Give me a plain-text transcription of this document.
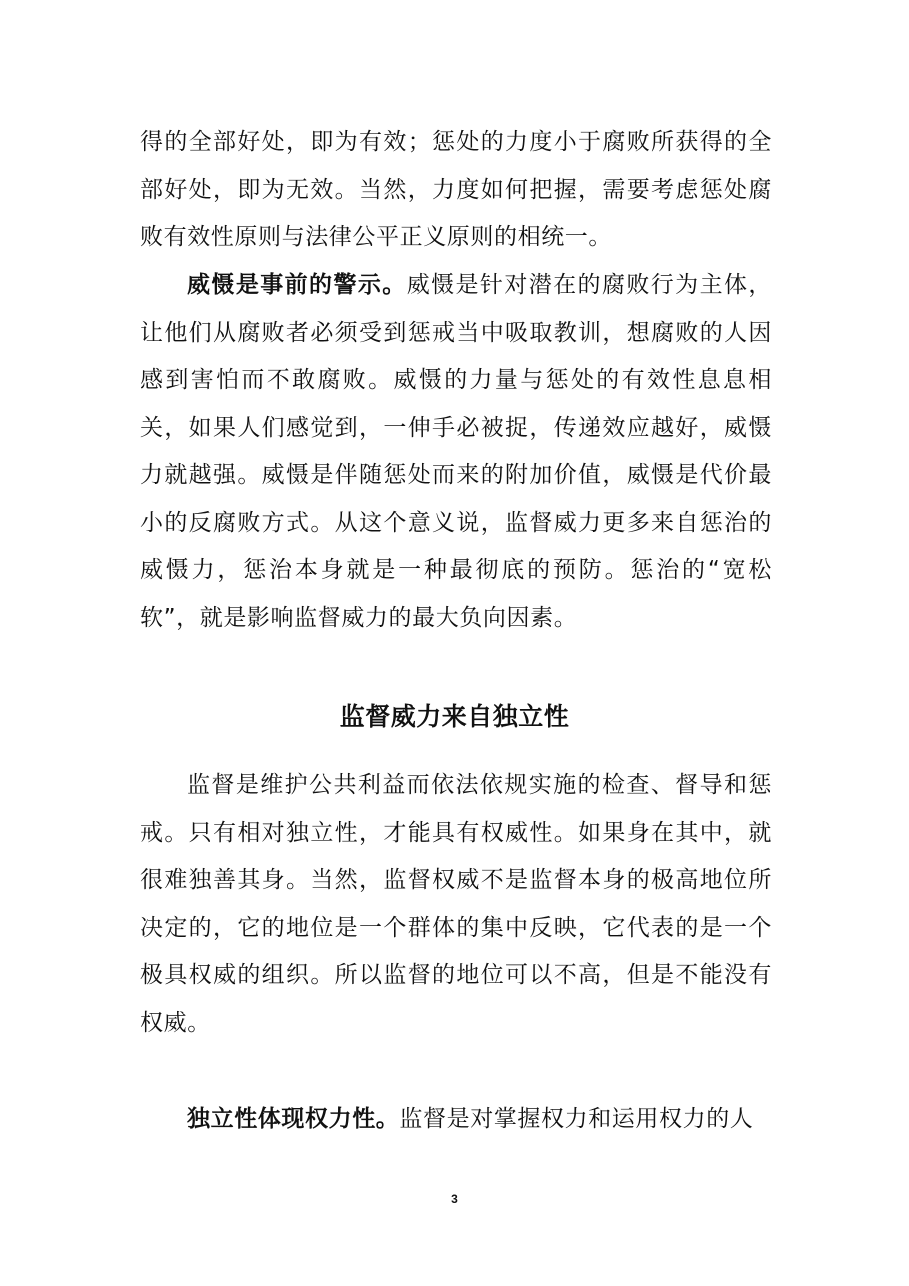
得的全部好处，即为有效；惩处的力度小于腐败所获得的全部好处，即为无效。当然，力度如何把握，需要考虑惩处腐败有效性原则与法律公平正义原则的相统一。

威慑是事前的警示。威慑是针对潜在的腐败行为主体，让他们从腐败者必须受到惩戒当中吸取教训，想腐败的人因感到害怕而不敢腐败。威慑的力量与惩处的有效性息息相关，如果人们感觉到，一伸手必被捉，传递效应越好，威慑力就越强。威慑是伴随惩处而来的附加价值，威慑是代价最小的反腐败方式。从这个意义说，监督威力更多来自惩治的威慑力，惩治本身就是一种最彻底的预防。惩治的“宽松软”，就是影响监督威力的最大负向因素。

监督威力来自独立性

监督是维护公共利益而依法依规实施的检查、督导和惩戒。只有相对独立性，才能具有权威性。如果身在其中，就很难独善其身。当然，监督权威不是监督本身的极高地位所决定的，它的地位是一个群体的集中反映，它代表的是一个极具权威的组织。所以监督的地位可以不高，但是不能没有权威。

独立性体现权力性。监督是对掌握权力和运用权力的人

3
